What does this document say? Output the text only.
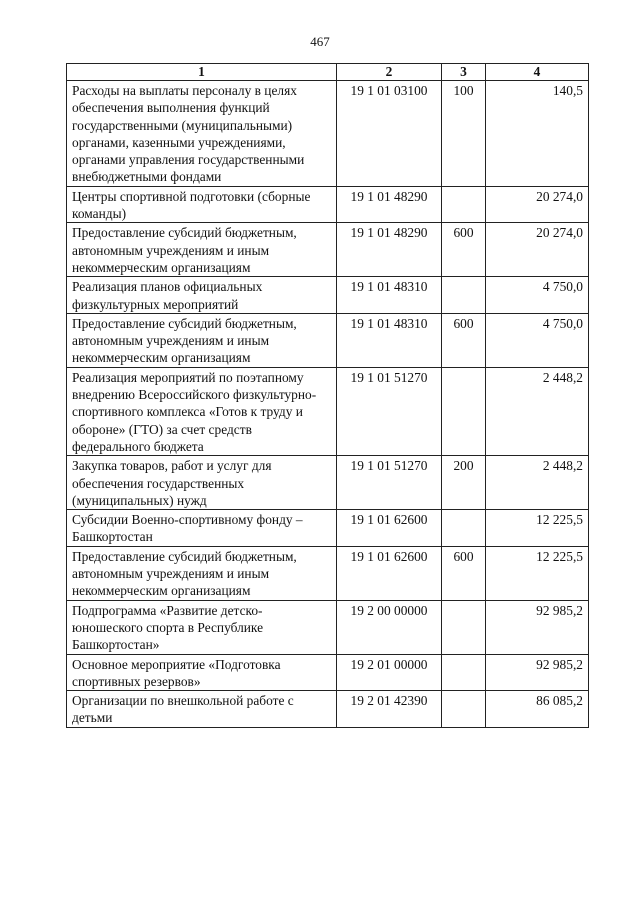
467
1	2	3	4
Расходы на выплаты персоналу в целях обеспечения выполнения функций государственными (муниципальными) органами, казенными учреждениями, органами управления государственными внебюджетными фондами	19 1 01 03100	100	140,5
Центры спортивной подготовки (сборные команды)	19 1 01 48290		20 274,0
Предоставление субсидий бюджетным, автономным учреждениям и иным некоммерческим организациям	19 1 01 48290	600	20 274,0
Реализация планов официальных физкультурных мероприятий	19 1 01 48310		4 750,0
Предоставление субсидий бюджетным, автономным учреждениям и иным некоммерческим организациям	19 1 01 48310	600	4 750,0
Реализация мероприятий по поэтапному внедрению Всероссийского физкультурно-спортивного комплекса «Готов к труду и обороне» (ГТО) за счет средств федерального бюджета	19 1 01 51270		2 448,2
Закупка товаров, работ и услуг для обеспечения государственных (муниципальных) нужд	19 1 01 51270	200	2 448,2
Субсидии Военно-спортивному фонду – Башкортостан	19 1 01 62600		12 225,5
Предоставление субсидий бюджетным, автономным учреждениям и иным некоммерческим организациям	19 1 01 62600	600	12 225,5
Подпрограмма «Развитие детско-юношеского спорта в Республике Башкортостан»	19 2 00 00000		92 985,2
Основное мероприятие «Подготовка спортивных резервов»	19 2 01 00000		92 985,2
Организации по внешкольной работе с детьми	19 2 01 42390		86 085,2
